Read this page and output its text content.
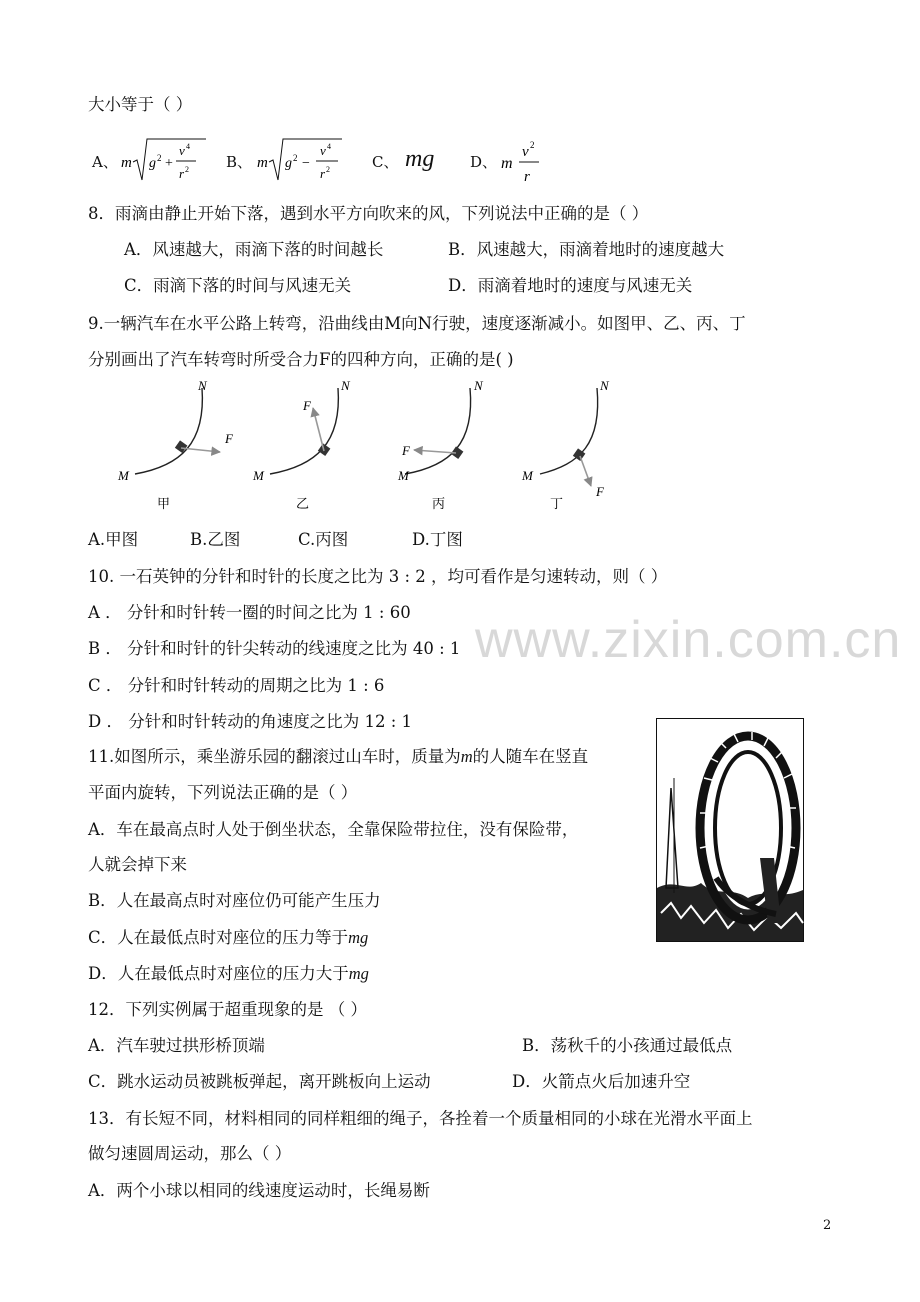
www.zixin.com.cn
大小等于（ ）
A、 m g 2 +
v 4
r 2 B、 m g 2 −
v 4
r 2	C、 mg D、 m
v 2
r
8．雨滴由静止开始下落，遇到水平方向吹来的风，下列说法中正确的是（ ）
A．风速越大，雨滴下落的时间越长	B．风速越大，雨滴着地时的速度越大
C．雨滴下落的时间与风速无关	D．雨滴着地时的速度与风速无关
9.一辆汽车在水平公路上转弯，沿曲线由M向N行驶，速度逐渐减小。如图甲、乙、丙、丁
分别画出了汽车转弯时所受合力F的四种方向，正确的是( )
M
N
F
M
N
F
M
N
F
M
N
F
甲	乙	丙	丁
A.甲图	B.乙图	C.丙图	D.丁图
10. 一石英钟的分针和时针的长度之比为 3 : 2 ，均可看作是匀速转动，则（ ）
A ． 分针和时针转一圈的时间之比为 1 : 60
B ． 分针和时针的针尖转动的线速度之比为 40 : 1
C ． 分针和时针转动的周期之比为 1 : 6
D ． 分针和时针转动的角速度之比为 12 : 1
11.如图所示，乘坐游乐园的翻滚过山车时，质量为m的人随车在竖直
平面内旋转，下列说法正确的是（ ）
A．车在最高点时人处于倒坐状态，全靠保险带拉住，没有保险带，
人就会掉下来
B．人在最高点时对座位仍可能产生压力
C．人在最低点时对座位的压力等于mg
D．人在最低点时对座位的压力大于mg
12．下列实例属于超重现象的是 （ ）
A．汽车驶过拱形桥顶端	B．荡秋千的小孩通过最低点
C．跳水运动员被跳板弹起，离开跳板向上运动	D．火箭点火后加速升空
13．有长短不同，材料相同的同样粗细的绳子，各拴着一个质量相同的小球在光滑水平面上
做匀速圆周运动，那么（ ）
A．两个小球以相同的线速度运动时，长绳易断
2
